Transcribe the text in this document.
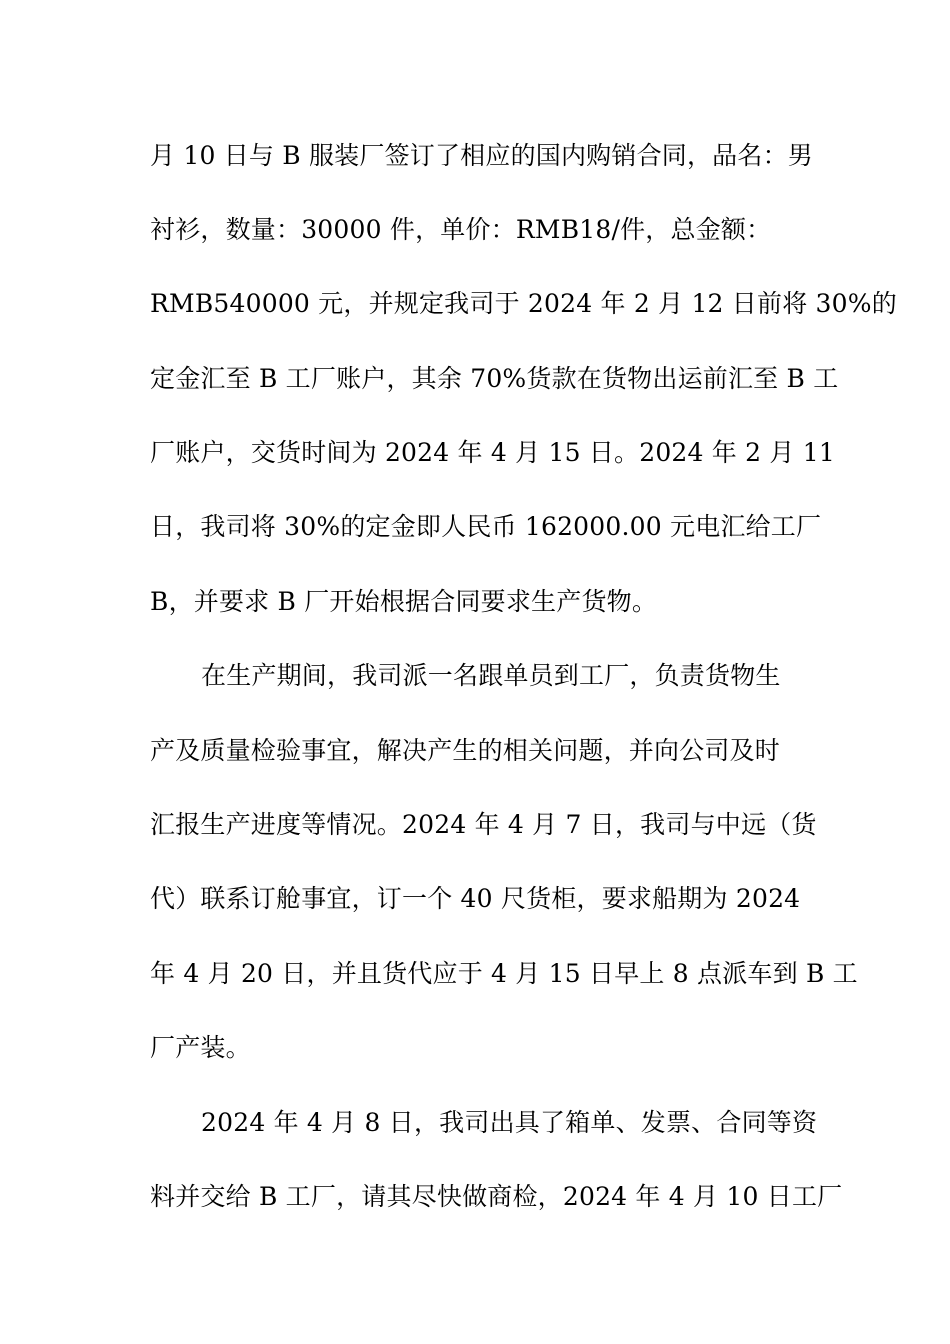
月 10 日与 B 服装厂签订了相应的国内购销合同，品名：男
衬衫，数量：30000 件，单价：RMB18/件，总金额：
RMB540000 元，并规定我司于 2024 年 2 月 12 日前将 30%的
定金汇至 B 工厂账户，其余 70%货款在货物出运前汇至 B 工
厂账户，交货时间为 2024 年 4 月 15 日。2024 年 2 月 11
日，我司将 30%的定金即人民币 162000.00 元电汇给工厂
B，并要求 B 厂开始根据合同要求生产货物。
在生产期间，我司派一名跟单员到工厂，负责货物生
产及质量检验事宜，解决产生的相关问题，并向公司及时
汇报生产进度等情况。2024 年 4 月 7 日，我司与中远（货
代）联系订舱事宜，订一个 40 尺货柜，要求船期为 2024
年 4 月 20 日，并且货代应于 4 月 15 日早上 8 点派车到 B 工
厂产装。
2024 年 4 月 8 日，我司出具了箱单、发票、合同等资
料并交给 B 工厂，请其尽快做商检，2024 年 4 月 10 日工厂
